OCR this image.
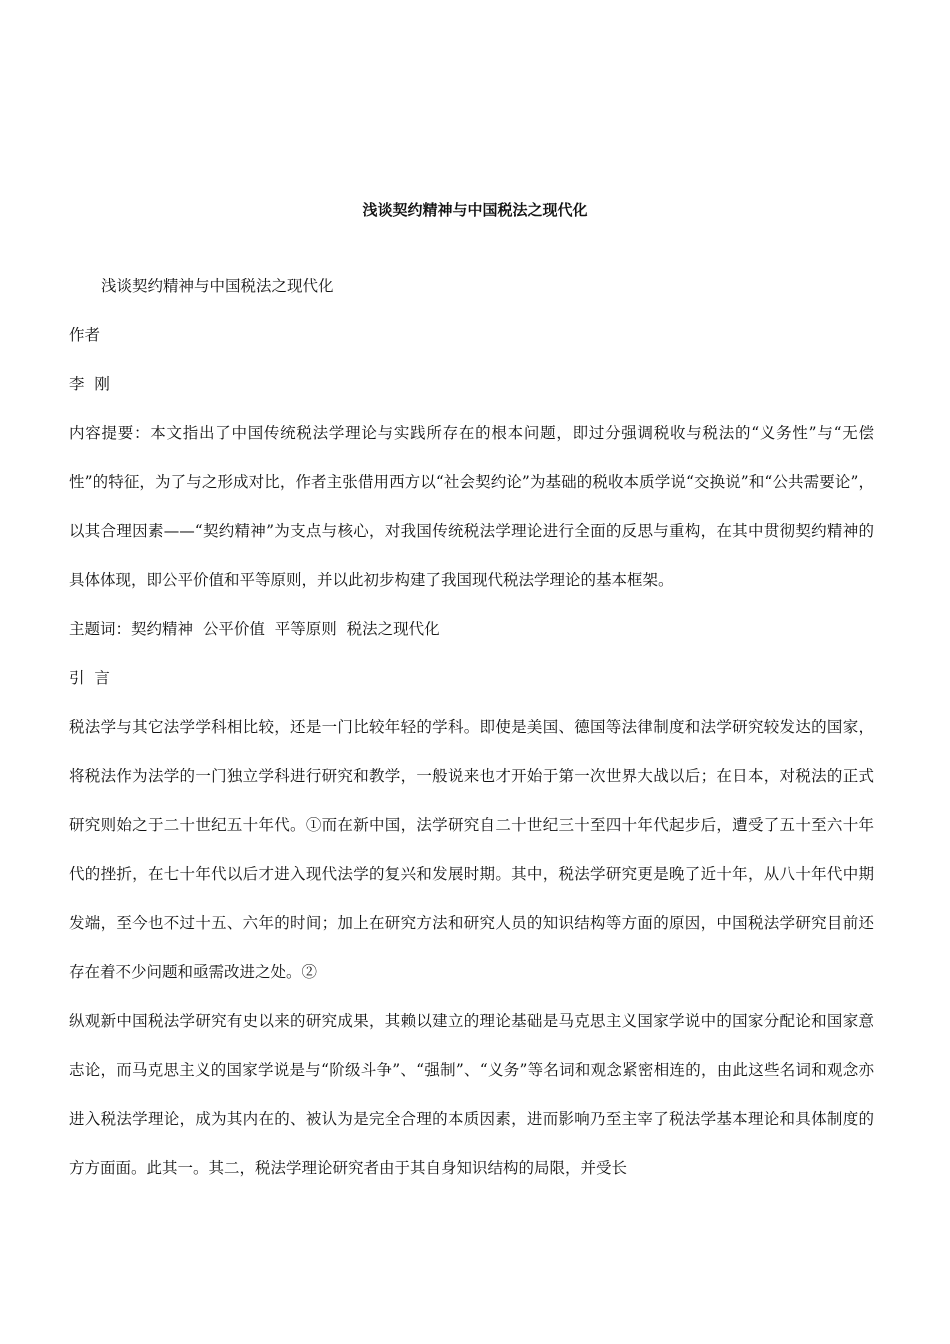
浅谈契约精神与中国税法之现代化

浅谈契约精神与中国税法之现代化

作者

李  刚

内容提要：本文指出了中国传统税法学理论与实践所存在的根本问题，即过分强调税收与税法的“义务性”与“无偿性”的特征，为了与之形成对比，作者主张借用西方以“社会契约论”为基础的税收本质学说“交换说”和“公共需要论”，以其合理因素——“契约精神”为支点与核心，对我国传统税法学理论进行全面的反思与重构，在其中贯彻契约精神的具体体现，即公平价值和平等原则，并以此初步构建了我国现代税法学理论的基本框架。

主题词：契约精神  公平价值  平等原则  税法之现代化

引  言

税法学与其它法学学科相比较，还是一门比较年轻的学科。即使是美国、德国等法律制度和法学研究较发达的国家，将税法作为法学的一门独立学科进行研究和教学，一般说来也才开始于第一次世界大战以后；在日本，对税法的正式研究则始之于二十世纪五十年代。①而在新中国，法学研究自二十世纪三十至四十年代起步后，遭受了五十至六十年代的挫折，在七十年代以后才进入现代法学的复兴和发展时期。其中，税法学研究更是晚了近十年，从八十年代中期发端，至今也不过十五、六年的时间；加上在研究方法和研究人员的知识结构等方面的原因，中国税法学研究目前还存在着不少问题和亟需改进之处。②

纵观新中国税法学研究有史以来的研究成果，其赖以建立的理论基础是马克思主义国家学说中的国家分配论和国家意志论，而马克思主义的国家学说是与“阶级斗争”、“强制”、“义务”等名词和观念紧密相连的，由此这些名词和观念亦进入税法学理论，成为其内在的、被认为是完全合理的本质因素，进而影响乃至主宰了税法学基本理论和具体制度的方方面面。此其一。其二，税法学理论研究者由于其自身知识结构的局限，并受长
